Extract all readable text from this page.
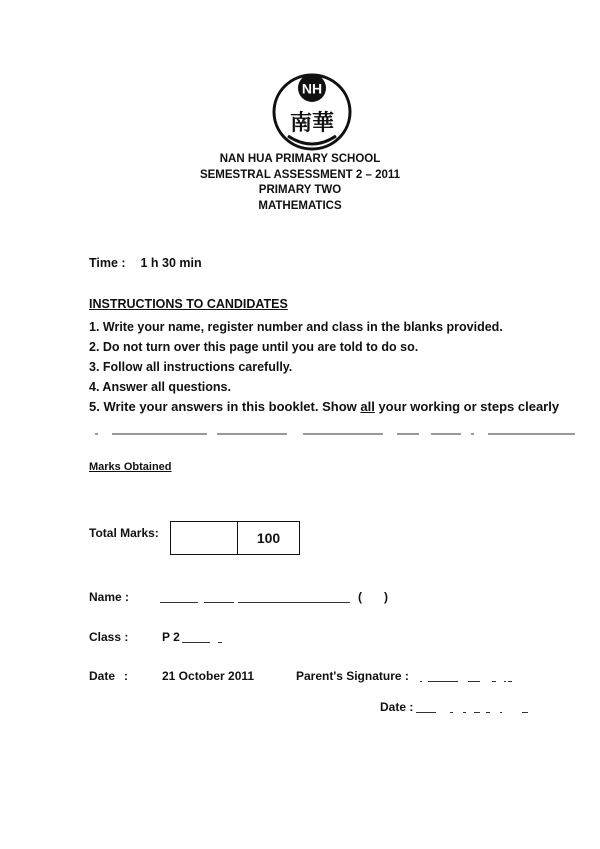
NH
南華
NAN HUA PRIMARY SCHOOL
SEMESTRAL ASSESSMENT 2 – 2011
PRIMARY TWO
MATHEMATICS
Time : 1 h 30 min
INSTRUCTIONS TO CANDIDATES
1. Write your name, register number and class in the blanks provided.
2. Do not turn over this page until you are told to do so.
3. Follow all instructions carefully.
4. Answer all questions.
5. Write your answers in this booklet. Show all your working or steps clearly
Marks Obtained
Total Marks:	100
Name :	( )
Class :	P 2
Date :	21 October 2011	Parent's Signature :
Date :
